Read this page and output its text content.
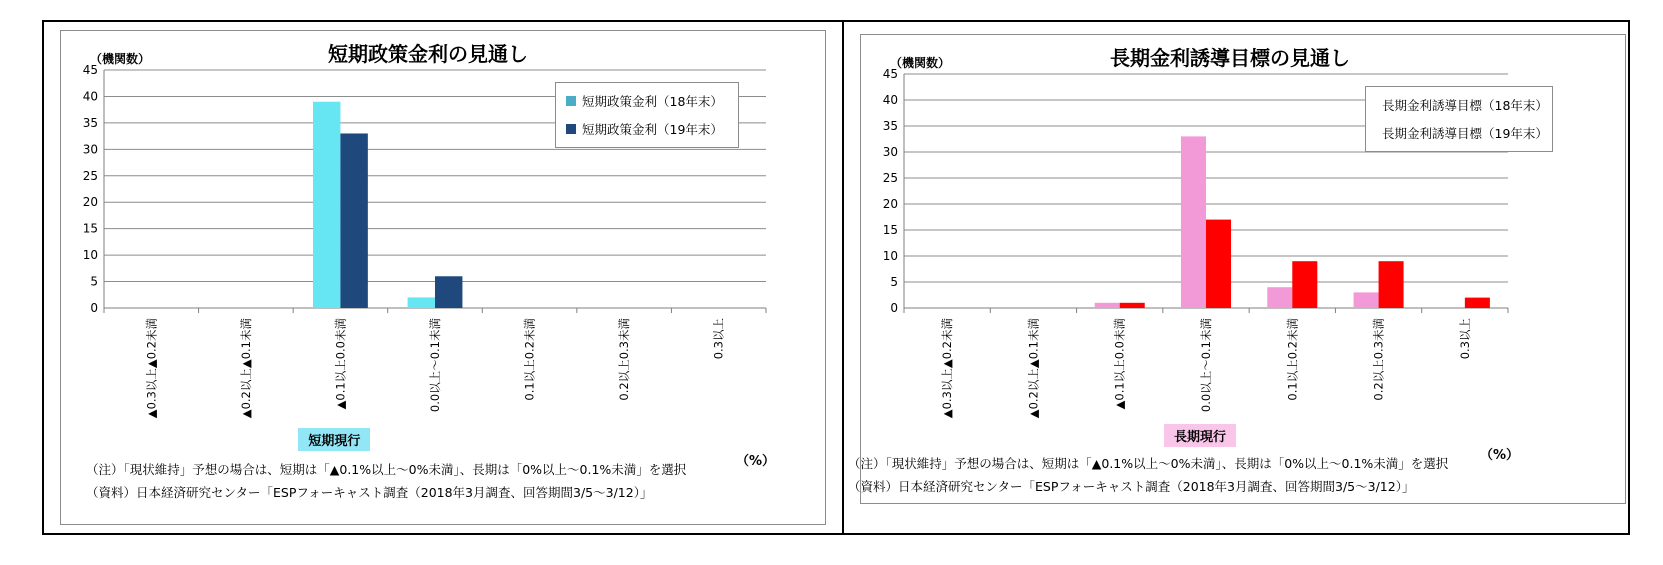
短期政策金利の見通し
（機関数）
0
5
10
15
20
25
30
35
40
45
▲0.3以上▲0.2未満	▲0.2以上▲0.1未満	▲0.1以上0.0未満	0.0以上～0.1未満	0.1以上0.2未満	0.2以上0.3未満	0.3以上
短期政策金利（18年末）
短期政策金利（19年末）
短期現行
（%）
（注）「現状維持」予想の場合は、短期は「▲0.1%以上～0%未満」、長期は「0%以上～0.1%未満」を選択
（資料）日本経済研究センター「ESPフォーキャスト調査（2018年3月調査、回答期間3/5～3/12）」
長期金利誘導目標の見通し
（機関数）
0
5
10
15
20
25
30
35
40
45
▲0.3以上▲0.2未満	▲0.2以上▲0.1未満	▲0.1以上0.0未満	0.0以上～0.1未満	0.1以上0.2未満	0.2以上0.3未満	0.3以上
長期金利誘導目標（18年末）
長期金利誘導目標（19年末）
長期現行
（%）
（注）「現状維持」予想の場合は、短期は「▲0.1%以上～0%未満」、長期は「0%以上～0.1%未満」を選択
（資料）日本経済研究センター「ESPフォーキャスト調査（2018年3月調査、回答期間3/5～3/12）」
